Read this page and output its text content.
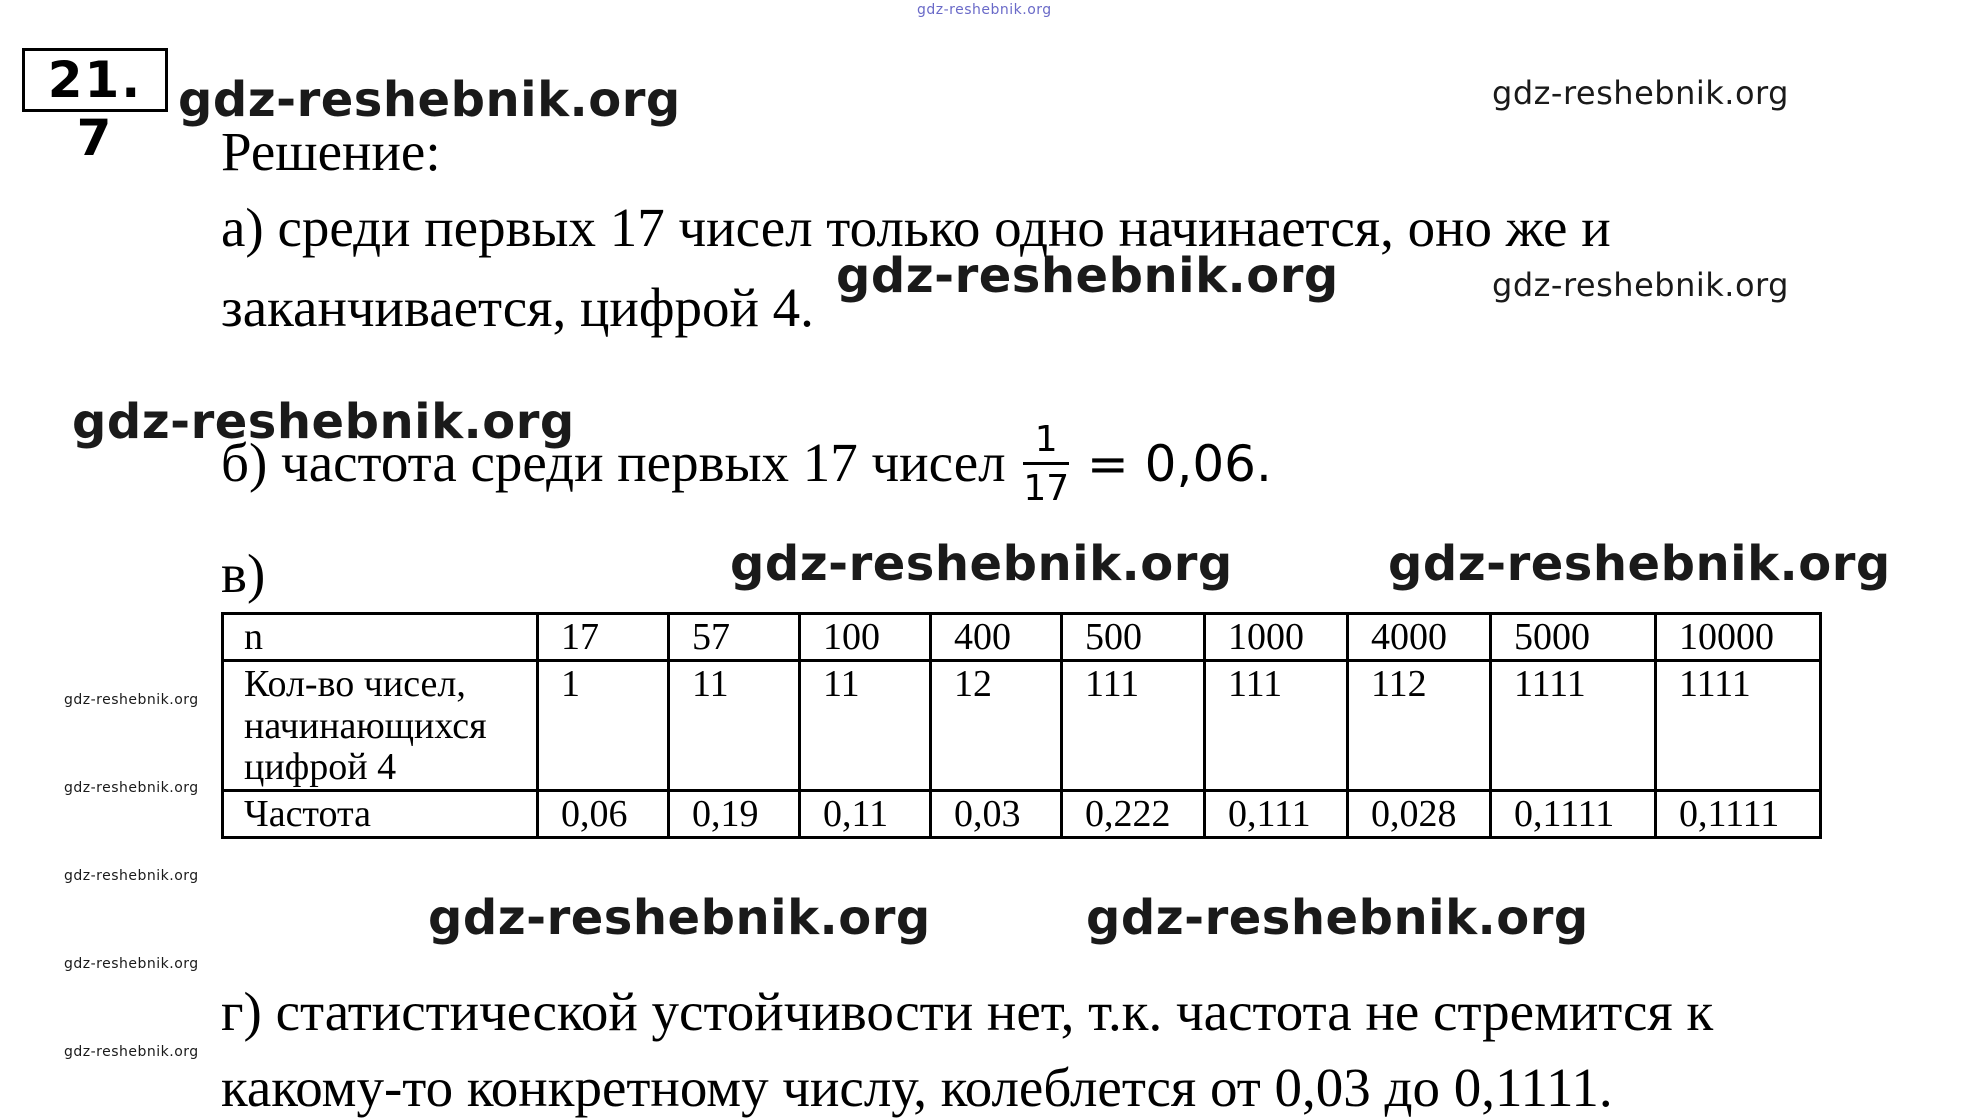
gdz-reshebnik.org
gdz-reshebnik.org	gdz-reshebnik.org
gdz-reshebnik.org	gdz-reshebnik.org
gdz-reshebnik.org
gdz-reshebnik.org	gdz-reshebnik.org
gdz-reshebnik.org	gdz-reshebnik.org
gdz-reshebnik.org
gdz-reshebnik.org
gdz-reshebnik.org
gdz-reshebnik.org
gdz-reshebnik.org
21. 7	Решение:
а) среди первых 17 чисел только одно начинается, оно же и
заканчивается, цифрой 4.
б) частота среди первых 17 чисел $\frac{1}{17} = 0,06$.
в)
n	17	57	100	400	500	1000	4000	5000	10000
Кол-во чисел,
начинающихся
цифрой 4	1	11	11	12	111	111	112	1111	1111
Частота	0,06	0,19	0,11	0,03	0,222	0,111	0,028	0,1111	0,1111
г) статистической устойчивости нет, т.к. частота не стремится к
какому-то конкретному числу, колеблется от 0,03 до 0,1111.
